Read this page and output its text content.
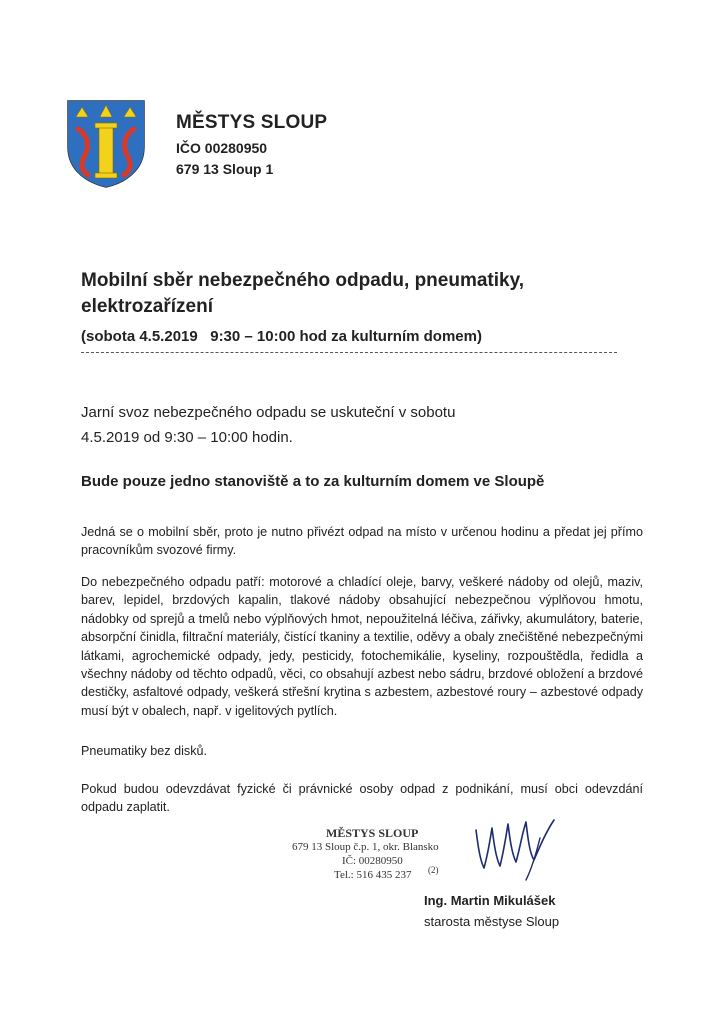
MĚSTYS SLOUP
IČO 00280950
679 13 Sloup 1
Mobilní sběr nebezpečného odpadu, pneumatiky, elektrozařízení
(sobota 4.5.2019   9:30 – 10:00 hod za kulturním domem)
Jarní svoz nebezpečného odpadu se uskuteční v sobotu 4.5.2019 od 9:30 – 10:00 hodin.
Bude pouze jedno stanoviště a to za kulturním domem ve Sloupě
Jedná se o mobilní sběr, proto je nutno přivézt odpad na místo v určenou hodinu a předat jej přímo pracovníkům svozové firmy.
Do nebezpečného odpadu patří: motorové a chladící oleje, barvy, veškeré nádoby od olejů, maziv, barev, lepidel, brzdových kapalin, tlakové nádoby obsahující nebezpečnou výplňovou hmotu, nádobky od sprejů a tmelů nebo výplňových hmot, nepoužitelná léčiva, zářivky, akumulátory, baterie, absorpční činidla, filtrační materiály, čistící tkaniny a textilie, oděvy a obaly znečištěné nebezpečnými látkami, agrochemické odpady, jedy, pesticidy, fotochemikálie, kyseliny, rozpouštědla, ředidla a všechny nádoby od těchto odpadů, věci, co obsahují azbest nebo sádru, brzdové obložení a brzdové destičky, asfaltové odpady, veškerá střešní krytina s azbestem, azbestové roury – azbestové odpady musí být v obalech, např. v igelitových pytlích.
Pneumatiky bez disků.
Pokud budou odevzdávat fyzické či právnické osoby odpad z podnikání, musí obci odevzdání odpadu zaplatit.
MĚSTYS SLOUP
679 13 Sloup č.p. 1, okr. Blansko
IČ: 00280950
Tel.: 516 435 237	(2)
Ing. Martin Mikulášek
starosta městyse Sloup
